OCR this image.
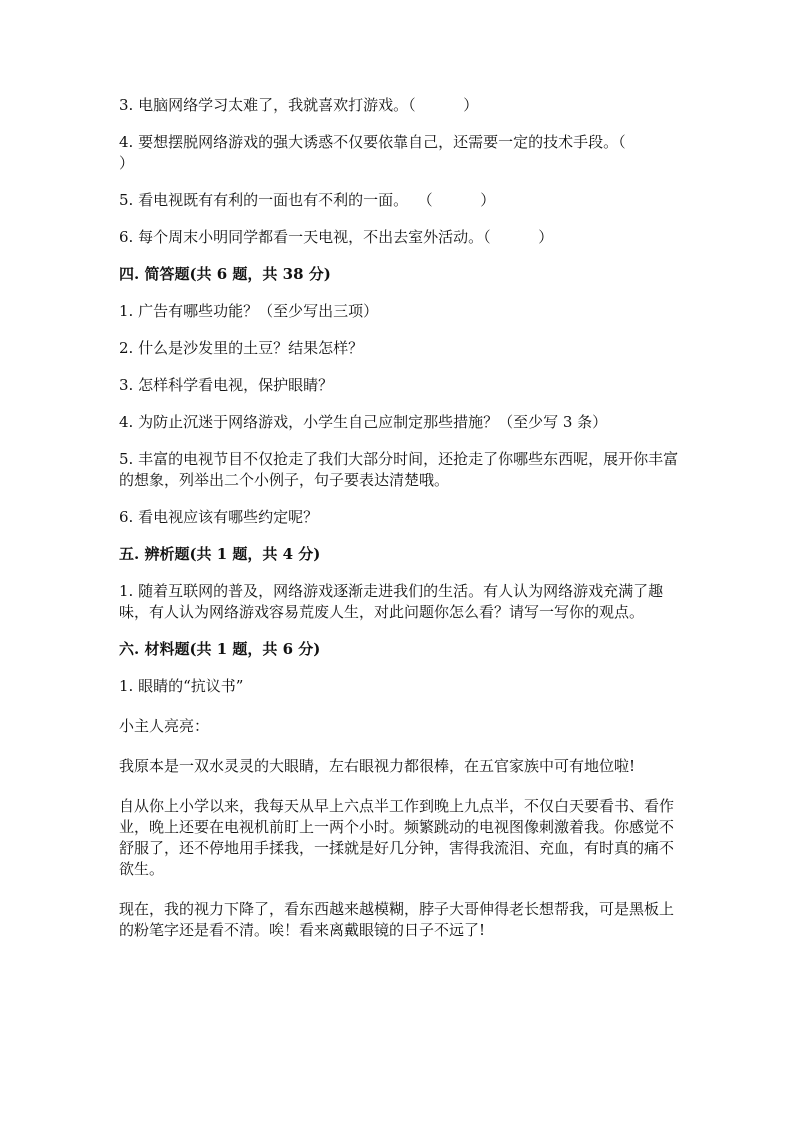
3. 电脑网络学习太难了，我就喜欢打游戏。（          ）

4. 要想摆脱网络游戏的强大诱惑不仅要依靠自己，还需要一定的技术手段。（          ）

5. 看电视既有有利的一面也有不利的一面。  （          ）

6. 每个周末小明同学都看一天电视，不出去室外活动。（          ）

四. 简答题(共 6 题，共 38 分)

1. 广告有哪些功能？（至少写出三项）

2. 什么是沙发里的土豆？结果怎样？

3. 怎样科学看电视，保护眼睛？

4. 为防止沉迷于网络游戏，小学生自己应制定那些措施？（至少写 3 条）

5. 丰富的电视节目不仅抢走了我们大部分时间，还抢走了你哪些东西呢，展开你丰富的想象，列举出二个小例子，句子要表达清楚哦。

6. 看电视应该有哪些约定呢？

五. 辨析题(共 1 题，共 4 分)

1. 随着互联网的普及，网络游戏逐渐走进我们的生活。有人认为网络游戏充满了趣味，有人认为网络游戏容易荒废人生，对此问题你怎么看？请写一写你的观点。

六. 材料题(共 1 题，共 6 分)

1. 眼睛的“抗议书”

小主人亮亮：

我原本是一双水灵灵的大眼睛，左右眼视力都很棒，在五官家族中可有地位啦!

自从你上小学以来，我每天从早上六点半工作到晚上九点半，不仅白天要看书、看作业，晚上还要在电视机前盯上一两个小时。频繁跳动的电视图像刺激着我。你感觉不舒服了，还不停地用手揉我，一揉就是好几分钟，害得我流泪、充血，有时真的痛不欲生。

现在，我的视力下降了，看东西越来越模糊，脖子大哥伸得老长想帮我，可是黑板上的粉笔字还是看不清。唉！看来离戴眼镜的日子不远了!
